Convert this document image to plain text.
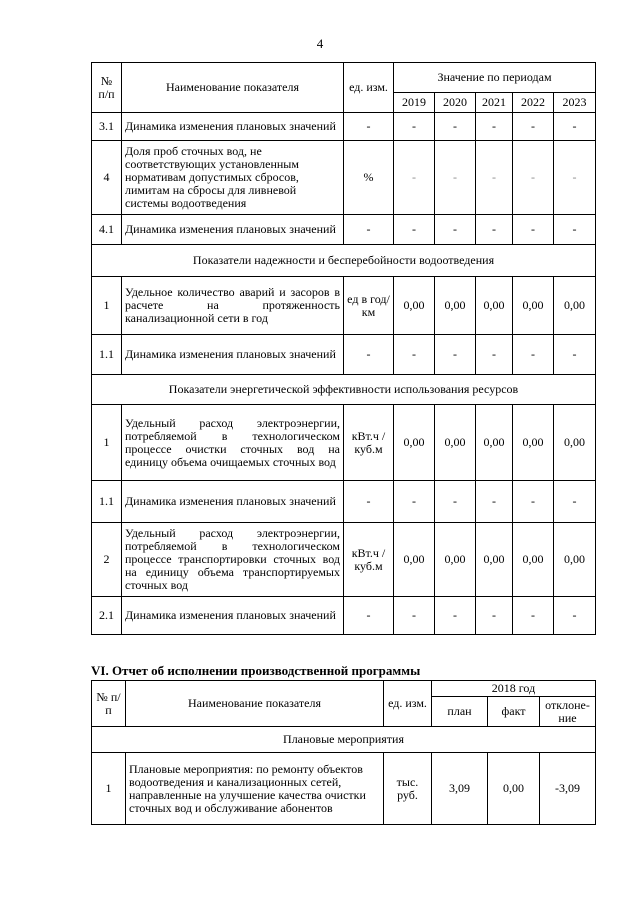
4
№ п/п	Наименование показателя	ед. изм.	Значение по периодам				
			2019	2020	2021	2022	2023
3.1	Динамика изменения плановых значений	-	-	-	-	-	-
4	Доля проб сточных вод, не соответствующих установленным нормативам допустимых сбросов, лимитам на сбросы для ливневой системы водоотведения	%	-	-	-	-	-
4.1	Динамика изменения плановых значений	-	-	-	-	-	-
Показатели надежности и бесперебойности водоотведения							
1	Удельное количество аварий и засоров в расчете на протяженность канализационной сети в год	ед в год/ км	0,00	0,00	0,00	0,00	0,00
1.1	Динамика изменения плановых значений	-	-	-	-	-	-
Показатели энергетической эффективности использования ресурсов							
1	Удельный расход электроэнергии, потребляемой в технологическом процессе очистки сточных вод на единицу объема очищаемых сточных вод	кВт.ч / куб.м	0,00	0,00	0,00	0,00	0,00
1.1	Динамика изменения плановых значений	-	-	-	-	-	-
2	Удельный расход электроэнергии, потребляемой в технологическом процессе транспортировки сточных вод на единицу объема транспортируемых сточных вод	кВт.ч / куб.м	0,00	0,00	0,00	0,00	0,00
2.1	Динамика изменения плановых значений	-	-	-	-	-	-
VI. Отчет об исполнении производственной программы
№ п/п	Наименование показателя	ед. изм.	2018 год		
			план	факт	отклоне-ние
Плановые мероприятия					
1	Плановые мероприятия: по ремонту объектов водоотведения и канализационных сетей, направленные на улучшение качества очистки сточных вод и обслуживание абонентов	тыс. руб.	3,09	0,00	-3,09
